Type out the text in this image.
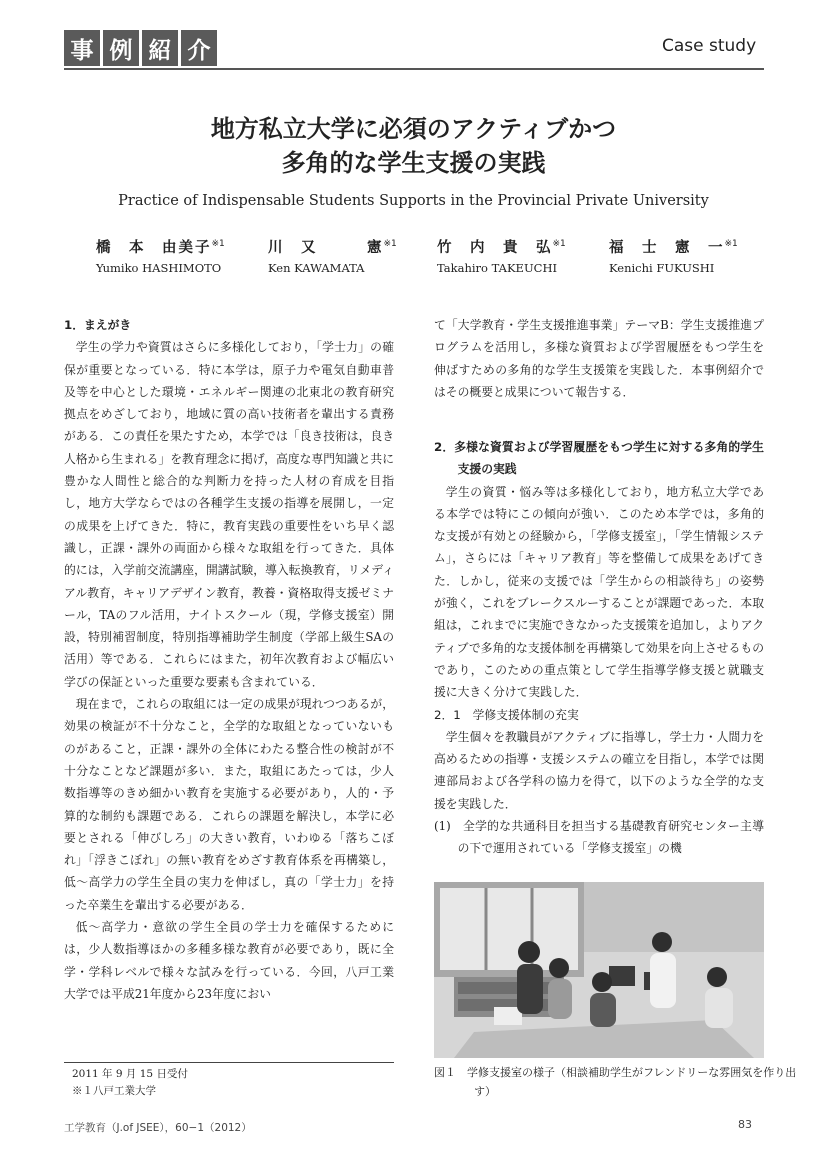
事 例 紹 介	Case study
地方私立大学に必須のアクティブかつ
多角的な学生支援の実践
Practice of Indispensable Students Supports in the Provincial Private University
橋　本　由美子$^{※1}$
Yumiko HASHIMOTO
川　又　　　憲$^{※1}$
Ken KAWAMATA
竹　内　貴　弘$^{※1}$
Takahiro TAKEUCHI
福　士　憲　一$^{※1}$
Kenichi FUKUSHI

1．まえがき

学生の学力や資質はさらに多様化しており，「学士力」の確保が重要となっている．特に本学は，原子力や電気自動車普及等を中心とした環境・エネルギー関連の北東北の教育研究拠点をめざしており，地域に質の高い技術者を輩出する責務がある．この責任を果たすため，本学では「良き技術は，良き人格から生まれる」を教育理念に掲げ，高度な専門知識と共に豊かな人間性と総合的な判断力を持った人材の育成を目指し，地方大学ならではの各種学生支援の指導を展開し，一定の成果を上げてきた．特に，教育実践の重要性をいち早く認識し，正課・課外の両面から様々な取組を行ってきた．具体的には，入学前交流講座，開講試験，導入転換教育，リメディアル教育，キャリアデザイン教育，教養・資格取得支援ゼミナール，TAのフル活用，ナイトスクール（現，学修支援室）開設，特別補習制度，特別指導補助学生制度（学部上級生SAの活用）等である．これらにはまた，初年次教育および幅広い学びの保証といった重要な要素も含まれている．

現在まで，これらの取組には一定の成果が現れつつあるが，効果の検証が不十分なこと，全学的な取組となっていないものがあること，正課・課外の全体にわたる整合性の検討が不十分なことなど課題が多い．また，取組にあたっては，少人数指導等のきめ細かい教育を実施する必要があり，人的・予算的な制約も課題である．これらの課題を解決し，本学に必要とされる「伸びしろ」の大きい教育，いわゆる「落ちこぼれ」「浮きこぼれ」の無い教育をめざす教育体系を再構築し，低～高学力の学生全員の実力を伸ばし，真の「学士力」を持った卒業生を輩出する必要がある．

低～高学力・意欲の学生全員の学士力を確保するためには，少人数指導ほかの多種多様な教育が必要であり，既に全学・学科レベルで様々な試みを行っている．今回，八戸工業大学では平成21年度から23年度におい

て「大学教育・学生支援推進事業」テーマB：学生支援推進プログラムを活用し，多様な資質および学習履歴をもつ学生を伸ばすための多角的な学生支援策を実践した．本事例紹介ではその概要と成果について報告する．

2．多様な資質および学習履歴をもつ学生に対する多角的学生支援の実践

学生の資質・悩み等は多様化しており，地方私立大学である本学では特にこの傾向が強い．このため本学では，多角的な支援が有効との経験から，「学修支援室」，「学生情報システム」，さらには「キャリア教育」等を整備して成果をあげてきた．しかし，従来の支援では「学生からの相談待ち」の姿勢が強く，これをブレークスルーすることが課題であった．本取組は，これまでに実施できなかった支援策を追加し，よりアクティブで多角的な支援体制を再構築して効果を向上させるものであり，このための重点策として学生指導学修支援と就職支援に大きく分けて実践した．

2．1　学修支援体制の充実

学生個々を教職員がアクティブに指導し，学士力・人間力を高めるための指導・支援システムの確立を目指し，本学では関連部局および各学科の協力を得て，以下のような全学的な支援を実践した．

(1)　全学的な共通科目を担当する基礎教育研究センター主導の下で運用されている「学修支援室」の機

図１　学修支援室の様子（相談補助学生がフレンドリーな雰囲気を作り出す）
2011 年 9 月 15 日受付
※１八戸工業大学
工学教育（J.of JSEE），60−1（2012）	83
